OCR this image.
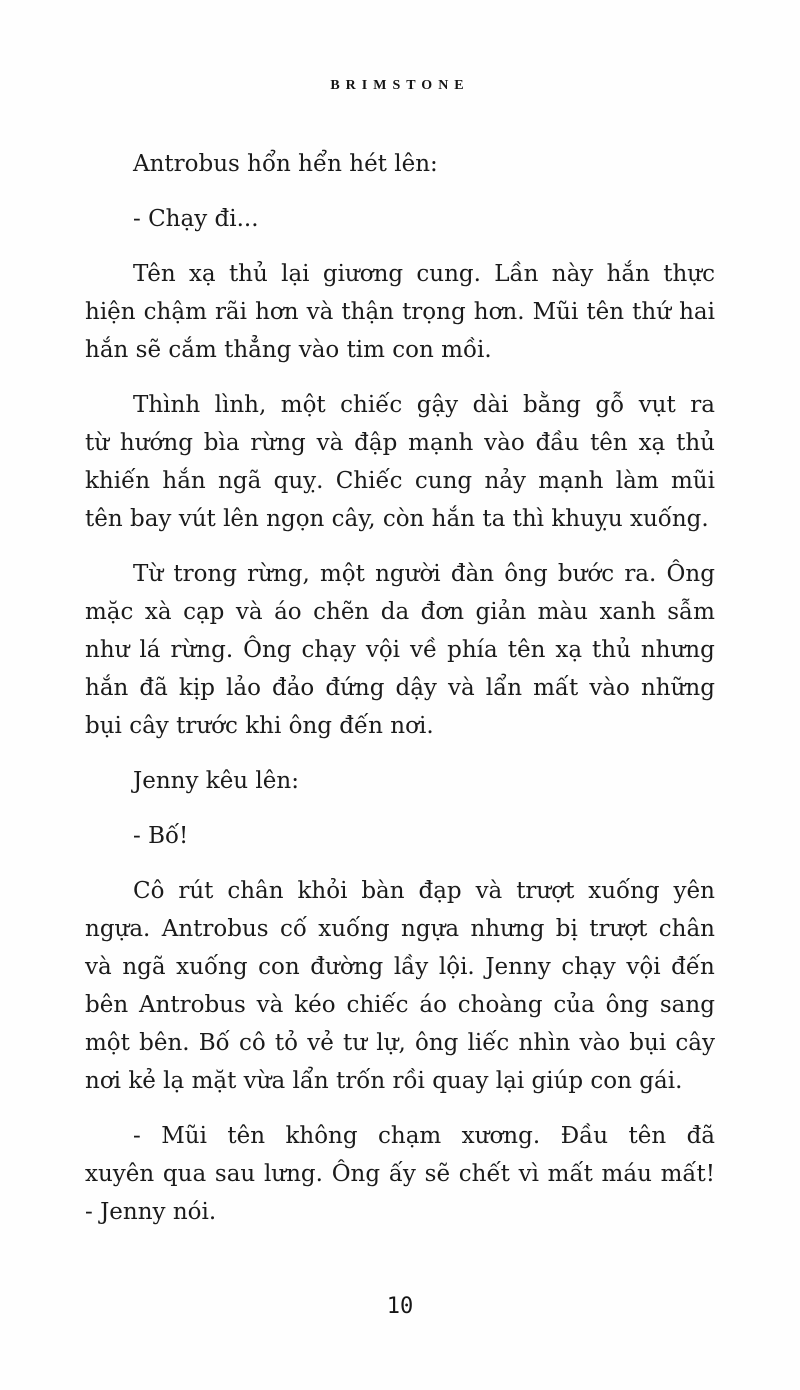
BRIMSTONE
Antrobus hổn hển hét lên:
- Chạy đi...
Tên xạ thủ lại giương cung. Lần này hắn thực
hiện chậm rãi hơn và thận trọng hơn. Mũi tên thứ hai
hắn sẽ cắm thẳng vào tim con mồi.
Thình lình, một chiếc gậy dài bằng gỗ vụt ra
từ hướng bìa rừng và đập mạnh vào đầu tên xạ thủ
khiến hắn ngã quỵ. Chiếc cung nảy mạnh làm mũi
tên bay vút lên ngọn cây, còn hắn ta thì khuỵu xuống.
Từ trong rừng, một người đàn ông bước ra. Ông
mặc xà cạp và áo chẽn da đơn giản màu xanh sẫm
như lá rừng. Ông chạy vội về phía tên xạ thủ nhưng
hắn đã kịp lảo đảo đứng dậy và lẩn mất vào những
bụi cây trước khi ông đến nơi.
Jenny kêu lên:
- Bố!
Cô rút chân khỏi bàn đạp và trượt xuống yên
ngựa. Antrobus cố xuống ngựa nhưng bị trượt chân
và ngã xuống con đường lầy lội. Jenny chạy vội đến
bên Antrobus và kéo chiếc áo choàng của ông sang
một bên. Bố cô tỏ vẻ tư lự, ông liếc nhìn vào bụi cây
nơi kẻ lạ mặt vừa lẩn trốn rồi quay lại giúp con gái.
- Mũi tên không chạm xương. Đầu tên đã
xuyên qua sau lưng. Ông ấy sẽ chết vì mất máu mất!
- Jenny nói.
10
